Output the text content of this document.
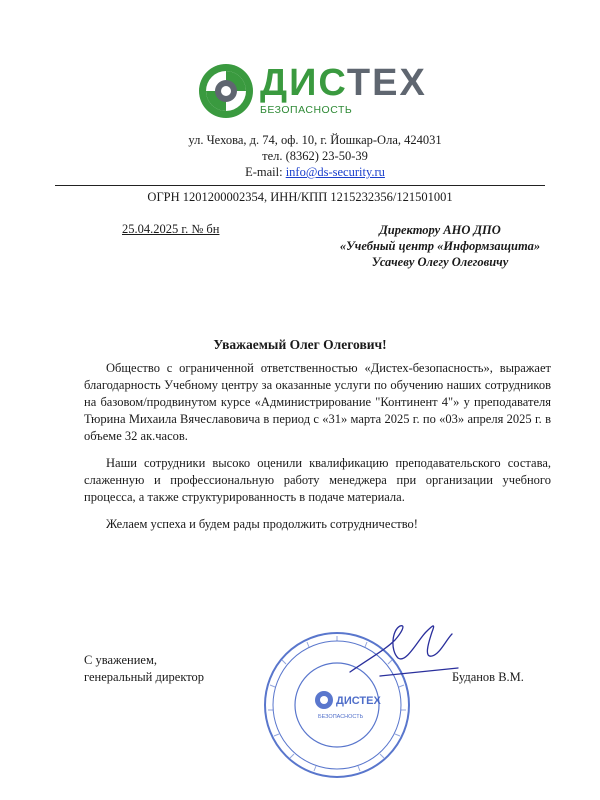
ДИСТЕХ
БЕЗОПАСНОСТЬ
ул. Чехова, д. 74, оф. 10, г. Йошкар-Ола, 424031
тел. (8362) 23-50-39
E-mail: info@ds-security.ru
ОГРН 1201200002354, ИНН/КПП 1215232356/121501001
25.04.2025 г. № бн	Директору АНО ДПО
«Учебный центр «Информзащита»
Усачеву Олегу Олеговичу
Уважаемый Олег Олегович!

Общество с ограниченной ответственностью «Дистех-безопасность», выражает благодарность Учебному центру за оказанные услуги по обучению наших сотрудников на базовом/продвинутом курсе «Администрирование "Континент 4"» у преподавателя Тюрина Михаила Вячеславовича в период с «31» марта 2025 г. по «03» апреля 2025 г. в объеме 32 ак.часов.

Наши сотрудники высоко оценили квалификацию преподавательского состава, слаженную и профессиональную работу менеджера при организации учебного процесса, а также структурированность в подаче материала.

Желаем успеха и будем рады продолжить сотрудничество!

С уважением,
генеральный директор	Буданов В.М.
ДИСТЕХ
БЕЗОПАСНОСТЬ
